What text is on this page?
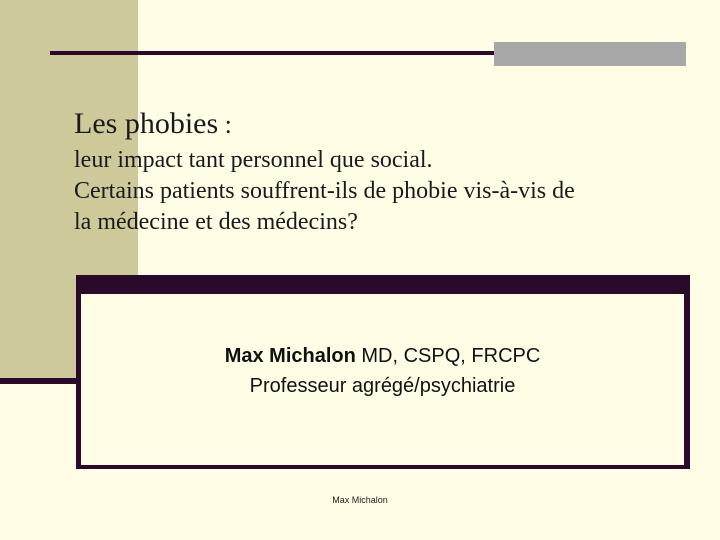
Les phobies :
leur impact tant personnel que social.
Certains patients souffrent-ils de phobie vis-à-vis de
la médecine et des médecins?
Max Michalon MD, CSPQ, FRCPC
Professeur agrégé/psychiatrie
Max Michalon
